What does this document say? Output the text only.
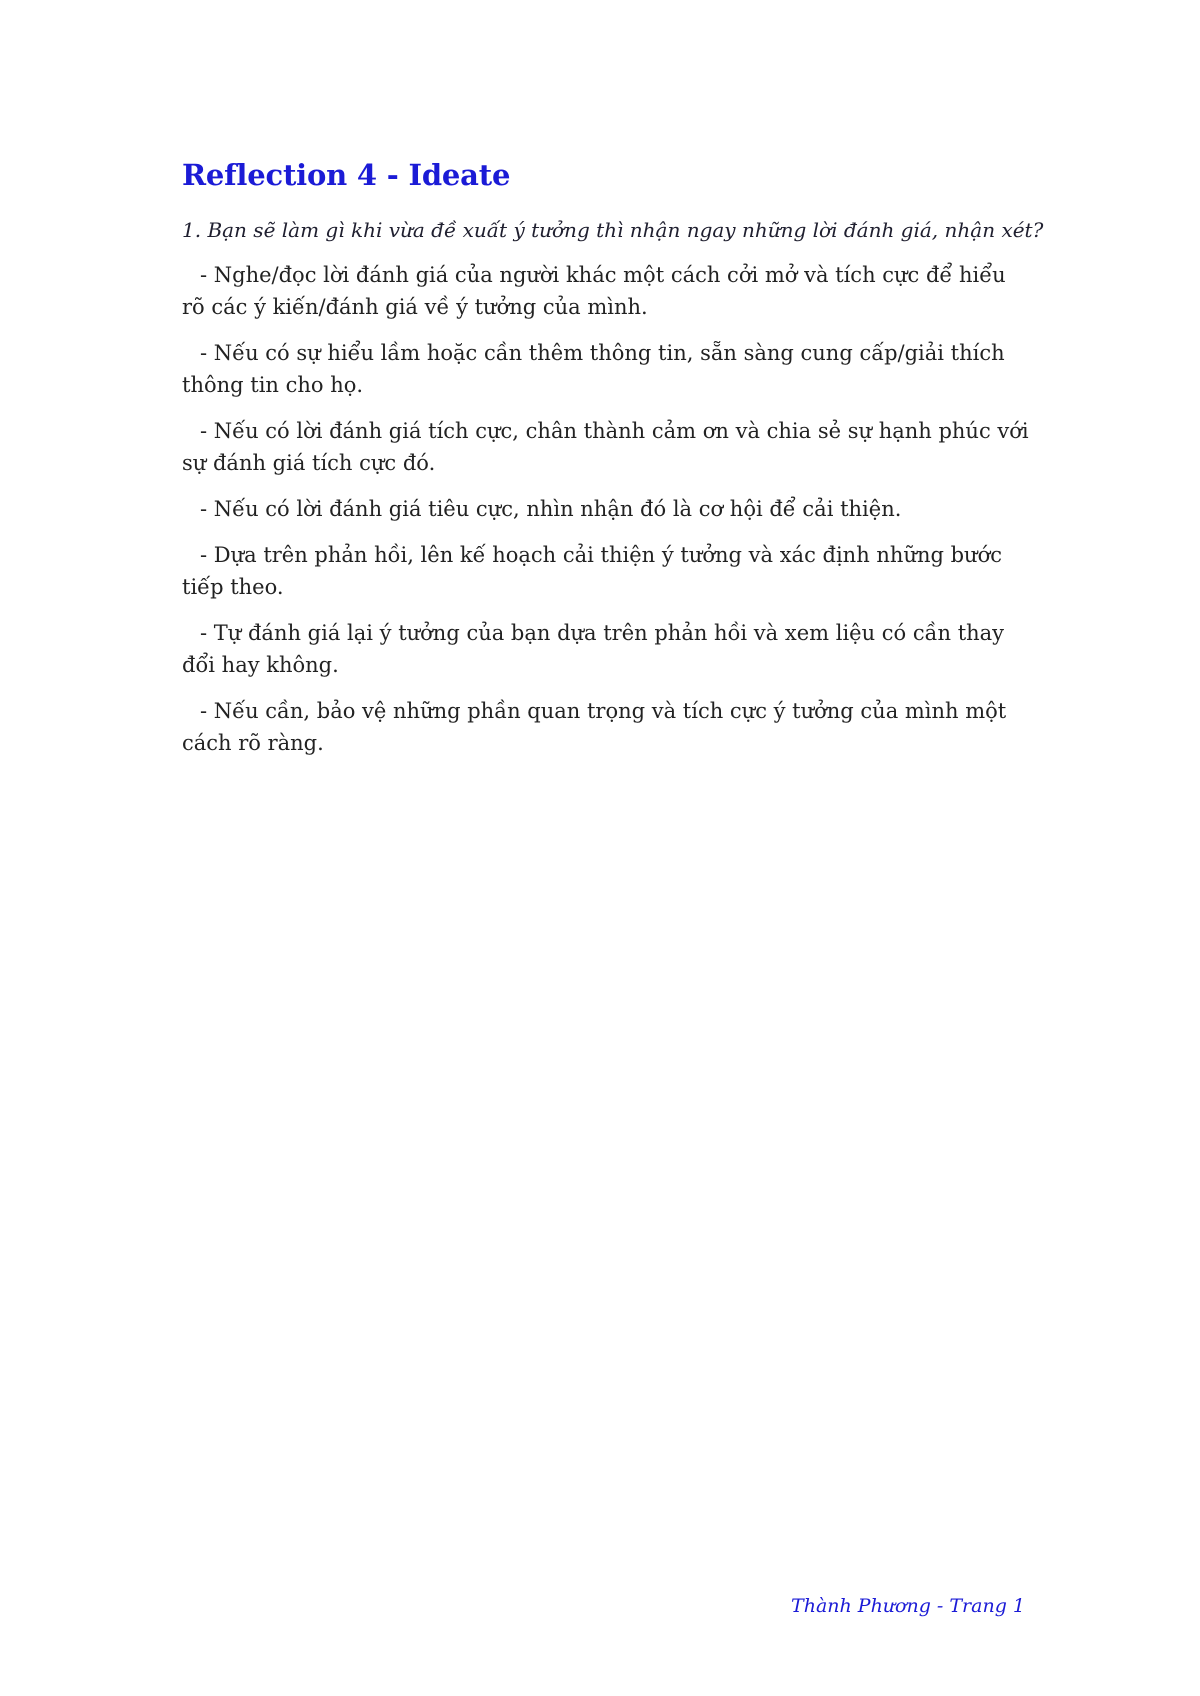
Reflection 4 - Ideate

1. Bạn sẽ làm gì khi vừa đề xuất ý tưởng thì nhận ngay những lời đánh giá, nhận xét?

- Nghe/đọc lời đánh giá của người khác một cách cởi mở và tích cực để hiểu rõ các ý kiến/đánh giá về ý tưởng của mình.
- Nếu có sự hiểu lầm hoặc cần thêm thông tin, sẵn sàng cung cấp/giải thích thông tin cho họ.
- Nếu có lời đánh giá tích cực, chân thành cảm ơn và chia sẻ sự hạnh phúc với sự đánh giá tích cực đó.
- Nếu có lời đánh giá tiêu cực, nhìn nhận đó là cơ hội để cải thiện.
- Dựa trên phản hồi, lên kế hoạch cải thiện ý tưởng và xác định những bước tiếp theo.
- Tự đánh giá lại ý tưởng của bạn dựa trên phản hồi và xem liệu có cần thay đổi hay không.
- Nếu cần, bảo vệ những phần quan trọng và tích cực ý tưởng của mình một cách rõ ràng.

Thành Phương - Trang 1
